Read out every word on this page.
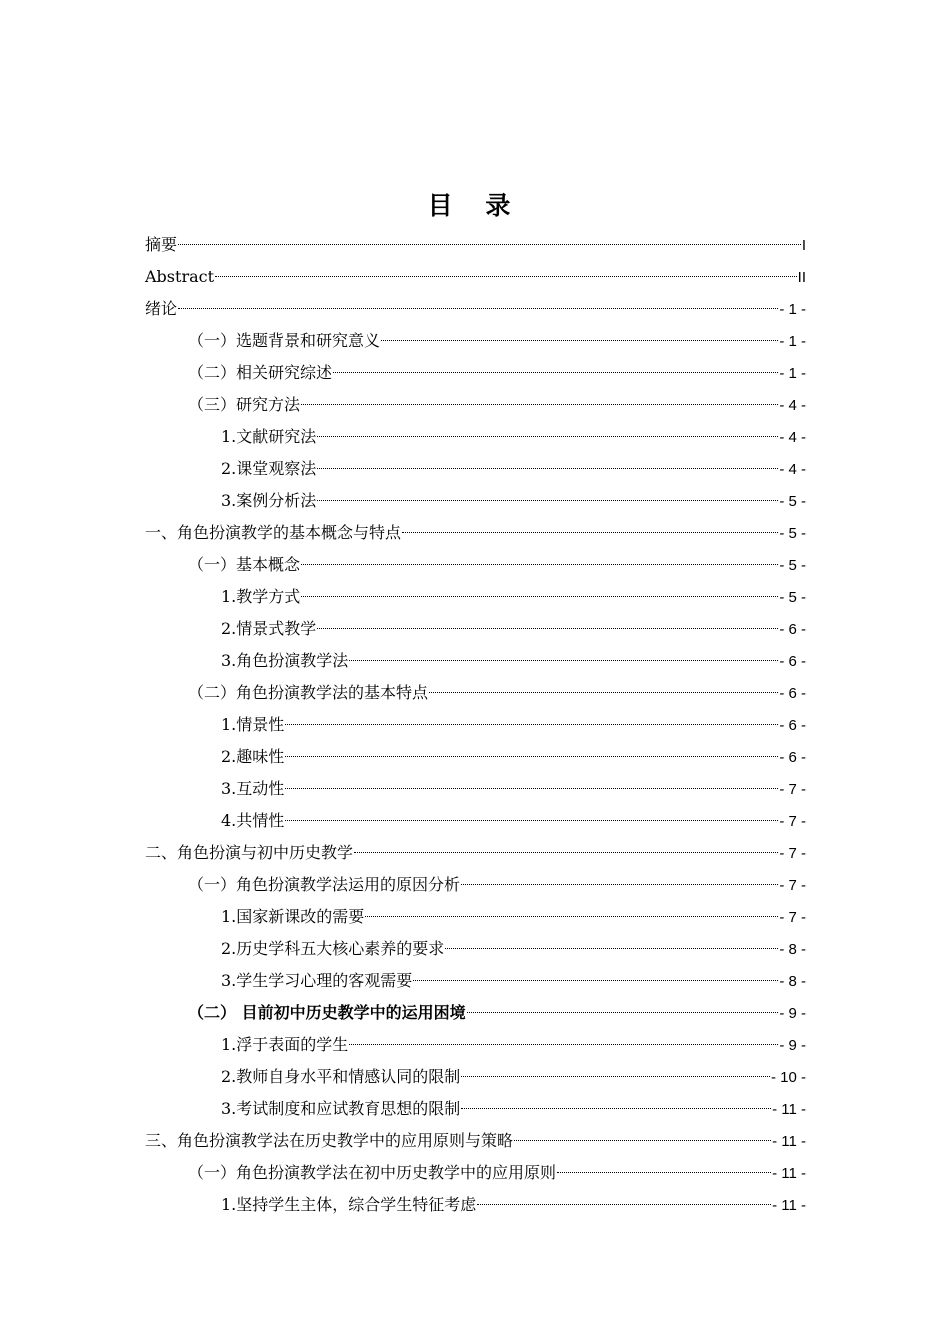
目 录
摘要	I
Abstract	II
绪论	- 1 -
（一）选题背景和研究意义	- 1 -
（二）相关研究综述	- 1 -
（三）研究方法	- 4 -
1.文献研究法	- 4 -
2.课堂观察法	- 4 -
3.案例分析法	- 5 -
一、角色扮演教学的基本概念与特点	- 5 -
（一）基本概念	- 5 -
1.教学方式	- 5 -
2.情景式教学	- 6 -
3.角色扮演教学法	- 6 -
（二）角色扮演教学法的基本特点	- 6 -
1.情景性	- 6 -
2.趣味性	- 6 -
3.互动性	- 7 -
4.共情性	- 7 -
二、角色扮演与初中历史教学	- 7 -
（一）角色扮演教学法运用的原因分析	- 7 -
1.国家新课改的需要	- 7 -
2.历史学科五大核心素养的要求	- 8 -
3.学生学习心理的客观需要	- 8 -
（二） 目前初中历史教学中的运用困境	- 9 -
1.浮于表面的学生	- 9 -
2.教师自身水平和情感认同的限制	- 10 -
3.考试制度和应试教育思想的限制	- 11 -
三、角色扮演教学法在历史教学中的应用原则与策略	- 11 -
（一）角色扮演教学法在初中历史教学中的应用原则	- 11 -
1.坚持学生主体，综合学生特征考虑	- 11 -
